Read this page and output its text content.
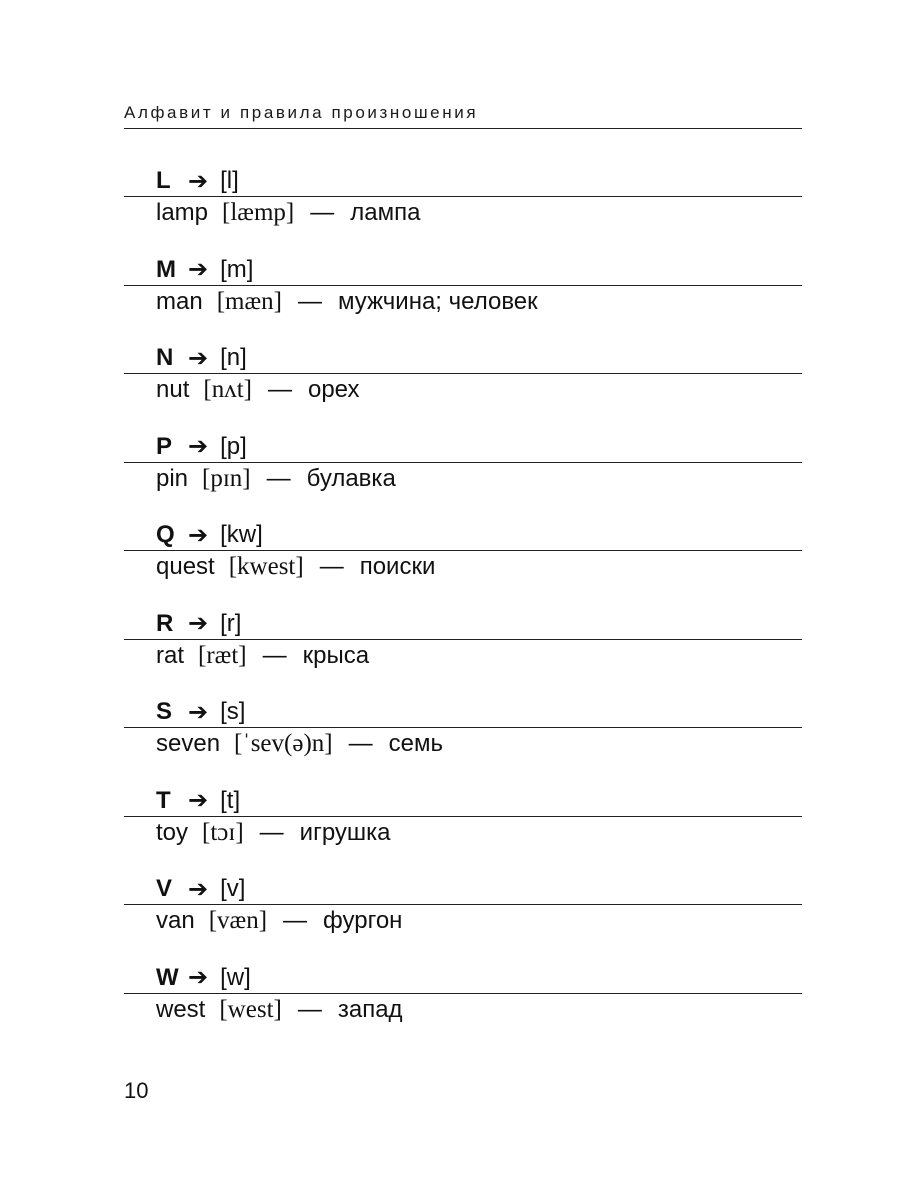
Алфавит и правила произношения
L ➔ [l]
lamp [læmp] — лампа
M ➔ [m]
man [mæn] — мужчина; человек
N ➔ [n]
nut [nʌt] — орех
P ➔ [p]
pin [pɪn] — булавка
Q ➔ [kw]
quest [kwest] — поиски
R ➔ [r]
rat [ræt] — крыса
S ➔ [s]
seven [ˈsev(ə)n] — семь
T ➔ [t]
toy [tɔɪ] — игрушка
V ➔ [v]
van [væn] — фургон
W ➔ [w]
west [west] — запад
10
